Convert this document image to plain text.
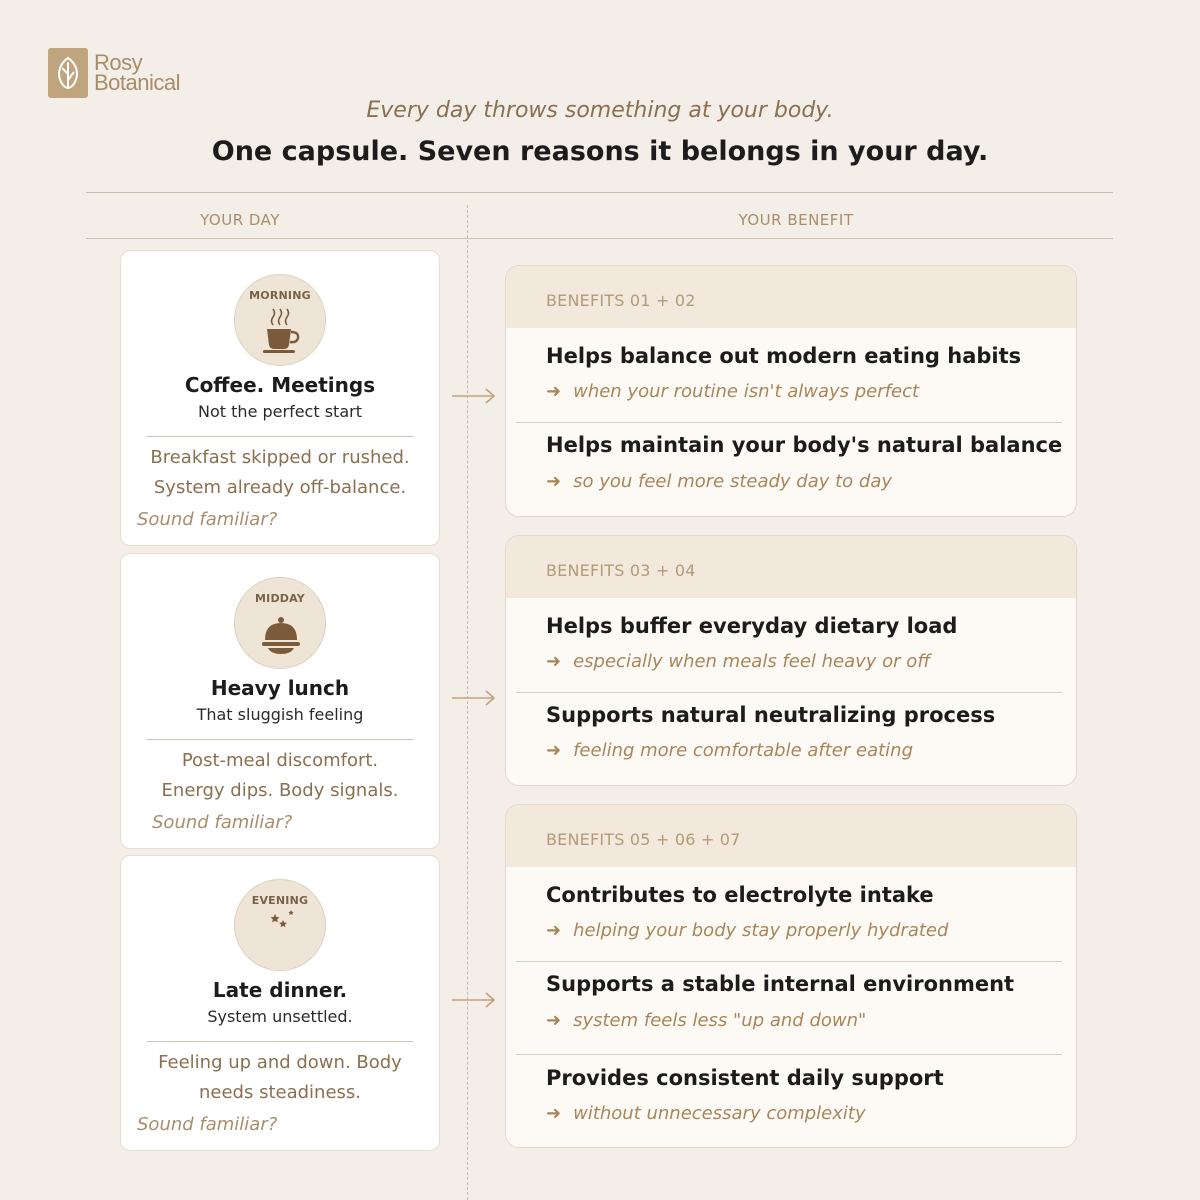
Rosy
Botanical
Every day throws something at your body.
One capsule. Seven reasons it belongs in your day.
YOUR DAY	YOUR BENEFIT
MORNING
Coffee. Meetings
Not the perfect start
Breakfast skipped or rushed.
System already off-balance.
Sound familiar?
MIDDAY
Heavy lunch
That sluggish feeling
Post-meal discomfort.
Energy dips. Body signals.
Sound familiar?
EVENING
Late dinner.
System unsettled.
Feeling up and down. Body
needs steadiness.
Sound familiar?
BENEFITS 01 + 02
Helps balance out modern eating habits
➜ when your routine isn't always perfect
Helps maintain your body's natural balance
➜ so you feel more steady day to day
BENEFITS 03 + 04
Helps buffer everyday dietary load
➜ especially when meals feel heavy or off
Supports natural neutralizing process
➜ feeling more comfortable after eating
BENEFITS 05 + 06 + 07
Contributes to electrolyte intake
➜ helping your body stay properly hydrated
Supports a stable internal environment
➜ system feels less "up and down"
Provides consistent daily support
➜ without unnecessary complexity
